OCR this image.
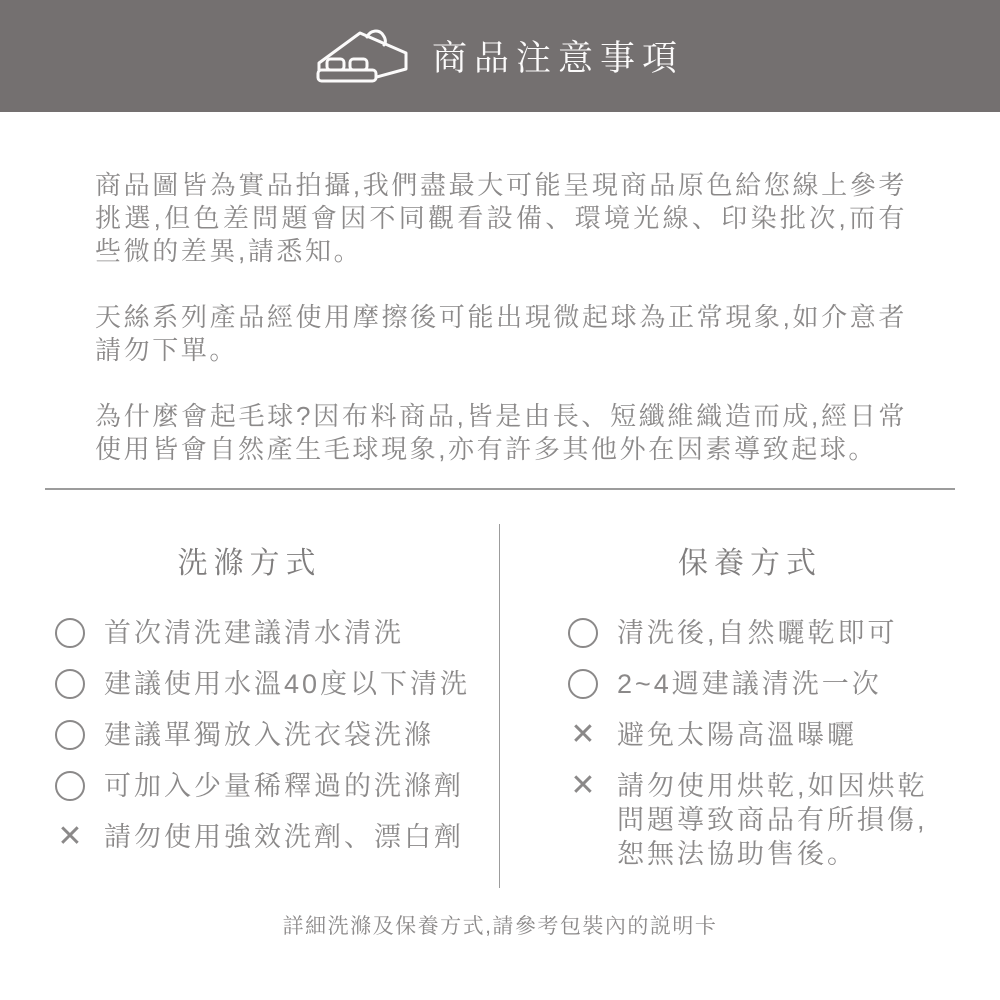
商品注意事項

商品圖皆為實品拍攝,我們盡最大可能呈現商品原色給您線上參考挑選,但色差問題會因不同觀看設備、環境光線、印染批次,而有些微的差異,請悉知。

天絲系列產品經使用摩擦後可能出現微起球為正常現象,如介意者請勿下單。

為什麼會起毛球?因布料商品,皆是由長、短纖維織造而成,經日常使用皆會自然產生毛球現象,亦有許多其他外在因素導致起球。

洗滌方式
首次清洗建議清水清洗
建議使用水溫40度以下清洗
建議單獨放入洗衣袋洗滌
可加入少量稀釋過的洗滌劑
請勿使用強效洗劑、漂白劑
保養方式
清洗後,自然曬乾即可
2~4週建議清洗一次
避免太陽高溫曝曬
請勿使用烘乾,如因烘乾問題導致商品有所損傷,恕無法協助售後。
詳細洗滌及保養方式,請參考包裝內的説明卡
